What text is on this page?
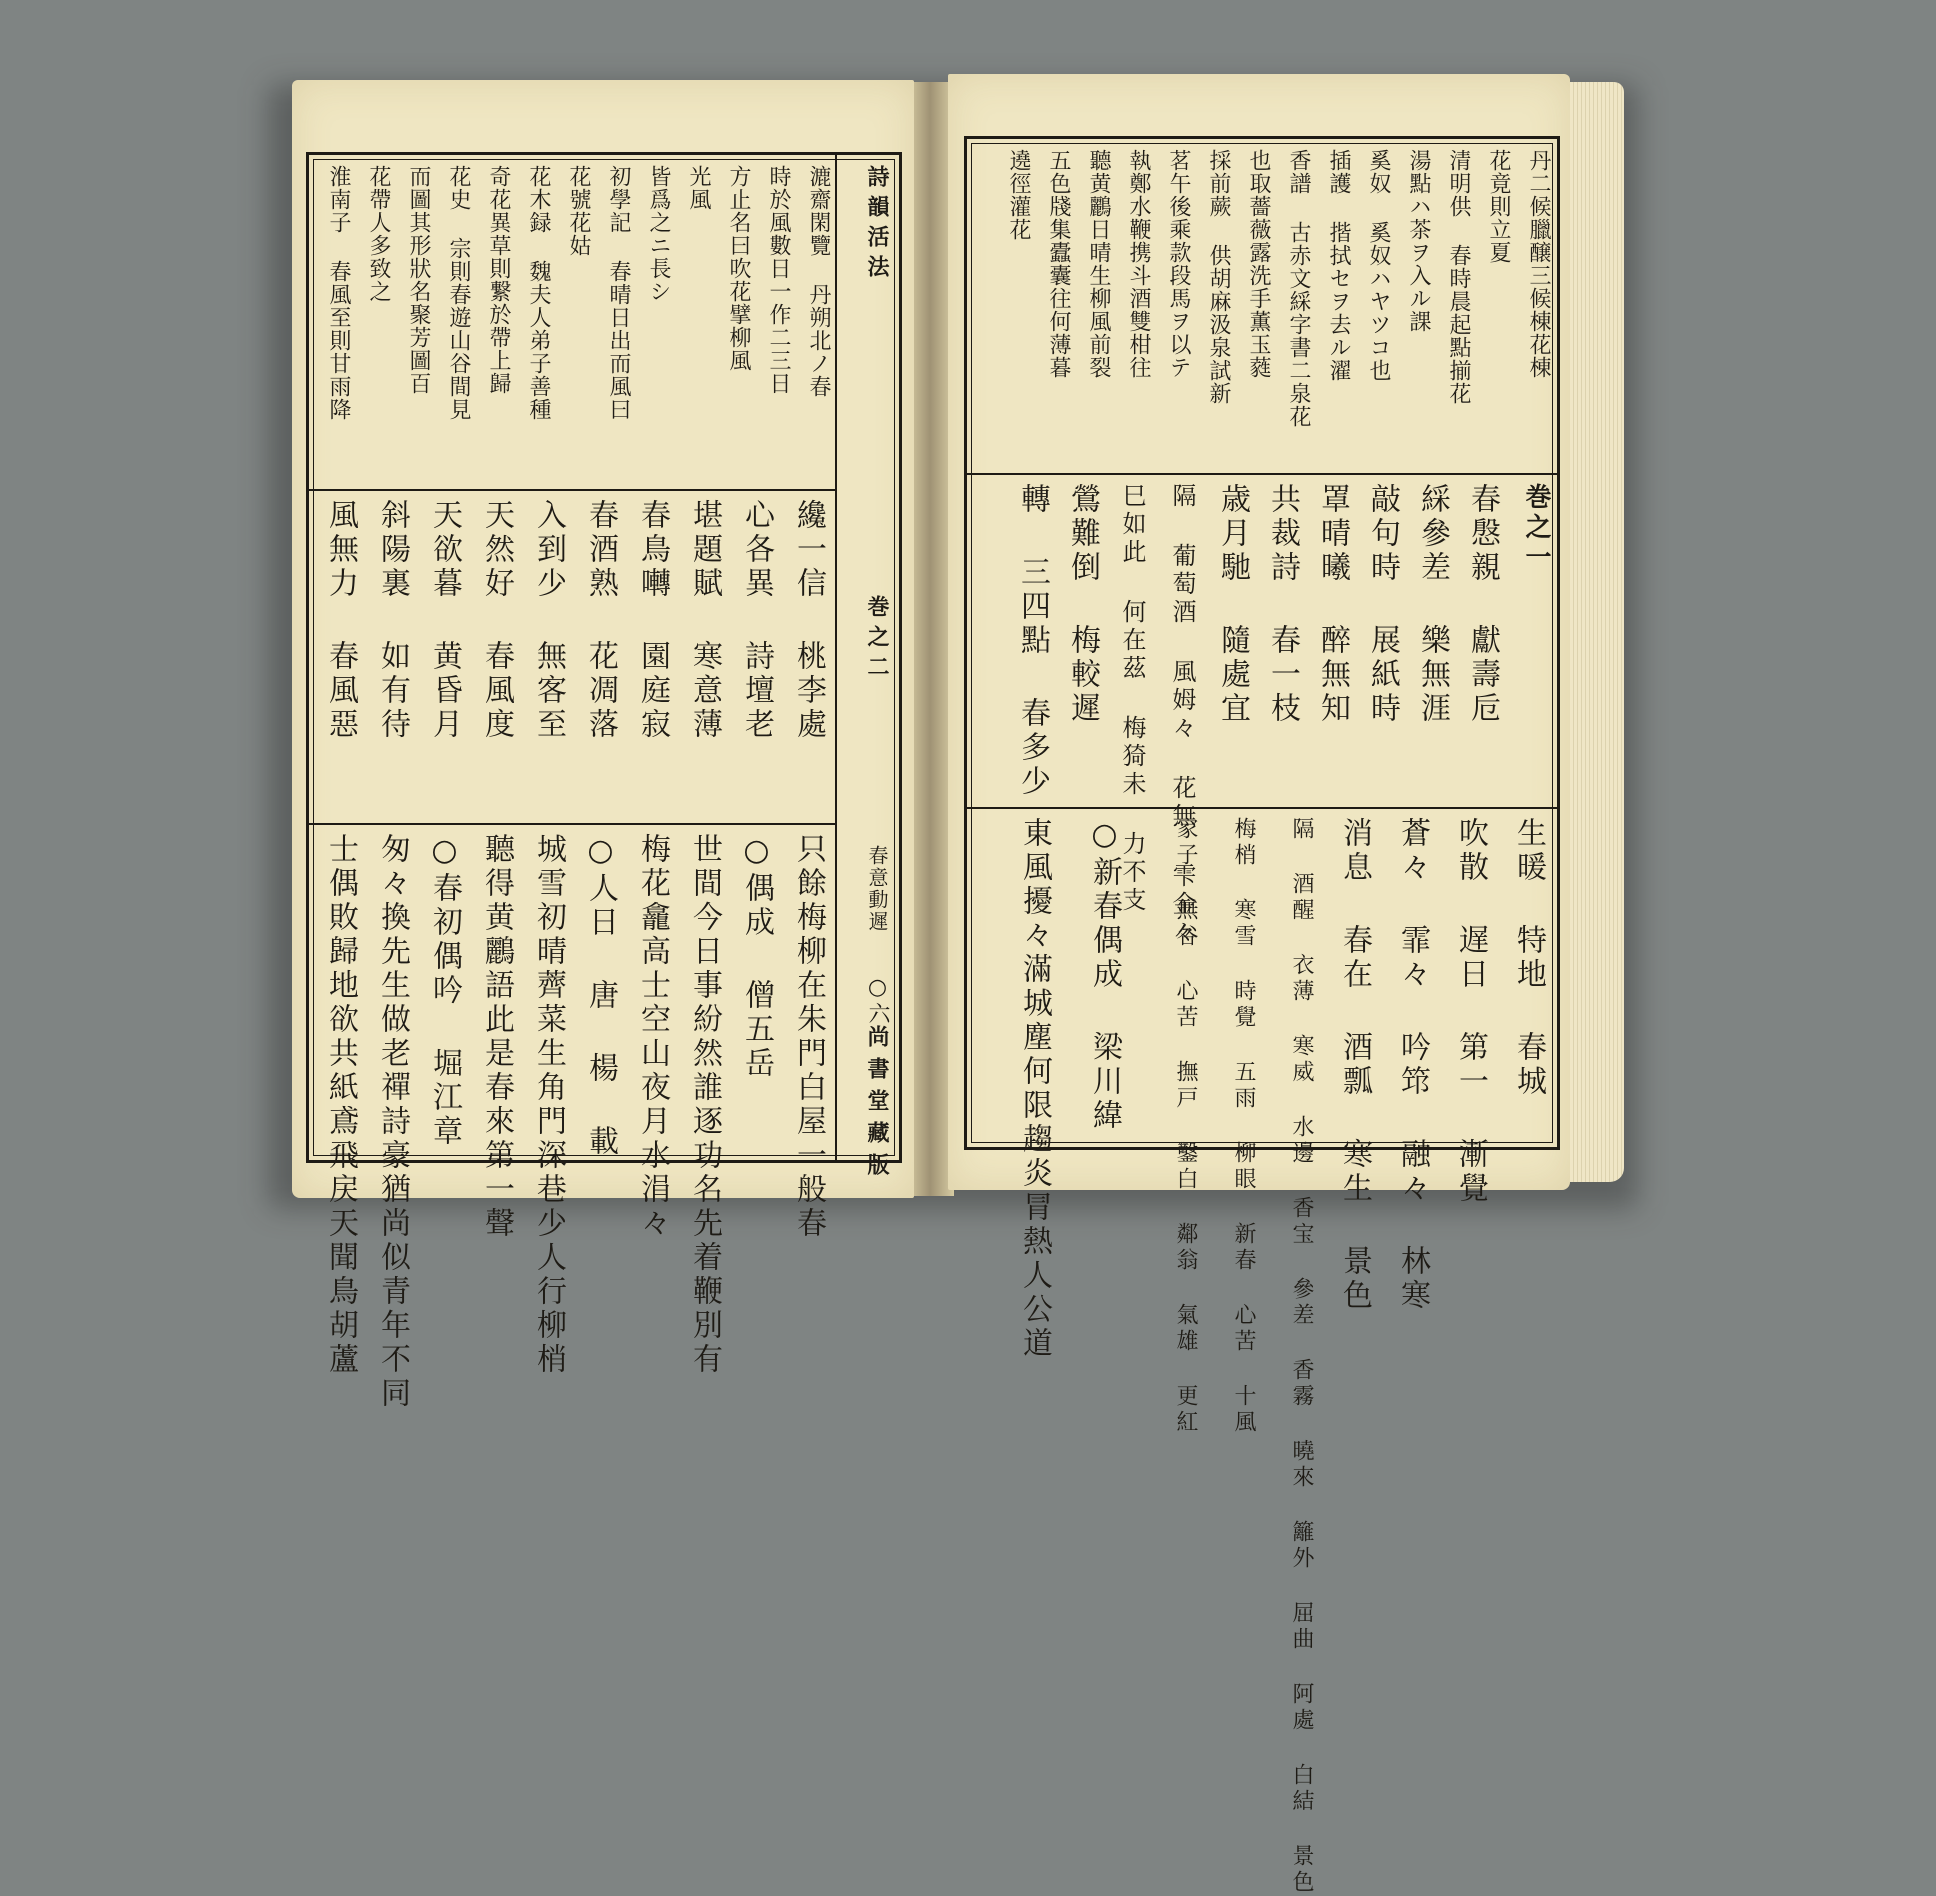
詩韻活法
巻之二
春意動遲
○六
尚書堂藏版
漉齋閑覽 丹朔北ノ春
時於風數日一作二三日
方止名曰吹花擘柳風
光風
皆爲之ニ長シ
初學記 春晴日出而風曰
花號花姑
花木録 魏夫人弟子善種
奇花異草則繋於帶上歸
花史 宗則春遊山谷間見
而圖其形狀名聚芳圖百
花帶人多致之
淮南子 春風至則甘雨降
纔一信 桃李處
心各異 詩壇老
堪題賦 寒意薄
春鳥囀 園庭寂
春酒熟 花凋落
入到少 無客至
天然好 春風度
天欲暮 黄昏月
斜陽裏 如有待
風無力 春風惡
只餘梅柳在朱門白屋一般春
○偶成 僧五岳
世間今日事紛然誰逐功名先着鞭別有
梅花龕高士空山夜月水涓々
○人日 唐 楊 載
城雪初晴薺菜生角門深巷少人行柳梢
聽得黄鸝語此是春來第一聲
○春初偶吟 堀江章
匆々換先生做老禪詩豪猶尚似青年不同
士偶敗歸地欲共紙鳶飛戻天聞鳥胡蘆
丹二候臘醸三候棟花棟
花竟則立夏
清明供 春時晨起點揃花
湯點ハ茶ヲ入ル課
奚奴 奚奴ハヤツコ也
插護 揩拭セヲ去ル濯
香譜 古赤文綵字書二泉花
也取薔薇露洗手薫玉蕤
採前蕨 供胡麻汲泉試新
茗午後乘款段馬ヲ以テ
執鄭水鞭携斗酒雙柑往
聽黄鸝日晴生柳風前裂
五色牋集蠹囊往何薄暮
遶徑灌花
巻之一
春慇親 獻壽卮
綵參差 樂無涯
敲句時 展紙時
罩晴曦 醉無知
共裁詩 春一枝
歳月馳 隨處宜
隔 葡萄酒 風姆々 花無 雫金々
巳如此 何在茲 梅猗未 力不支
鶯難倒 梅較遲
轉 三四點 春多少
生暖 特地 春城
吹散 遅日 第一 漸覺
蒼々 霏々 吟筇 融々 林寒
消息 春在 酒瓢 寒生 景色
隔 酒醒 衣薄 寒威 水邊 香宝 參差 香霧 曉來 籬外 屈曲 阿處 白結 景色
梅梢 寒雪 時覺 五雨 柳眼 新春 心苦 十風
家子 無谷 心苦 撫戸 鑿白 鄰翁 氣雄 更紅
○新春偶成 梁川緯
東風擾々滿城塵何限趨炎冐熱人公道
